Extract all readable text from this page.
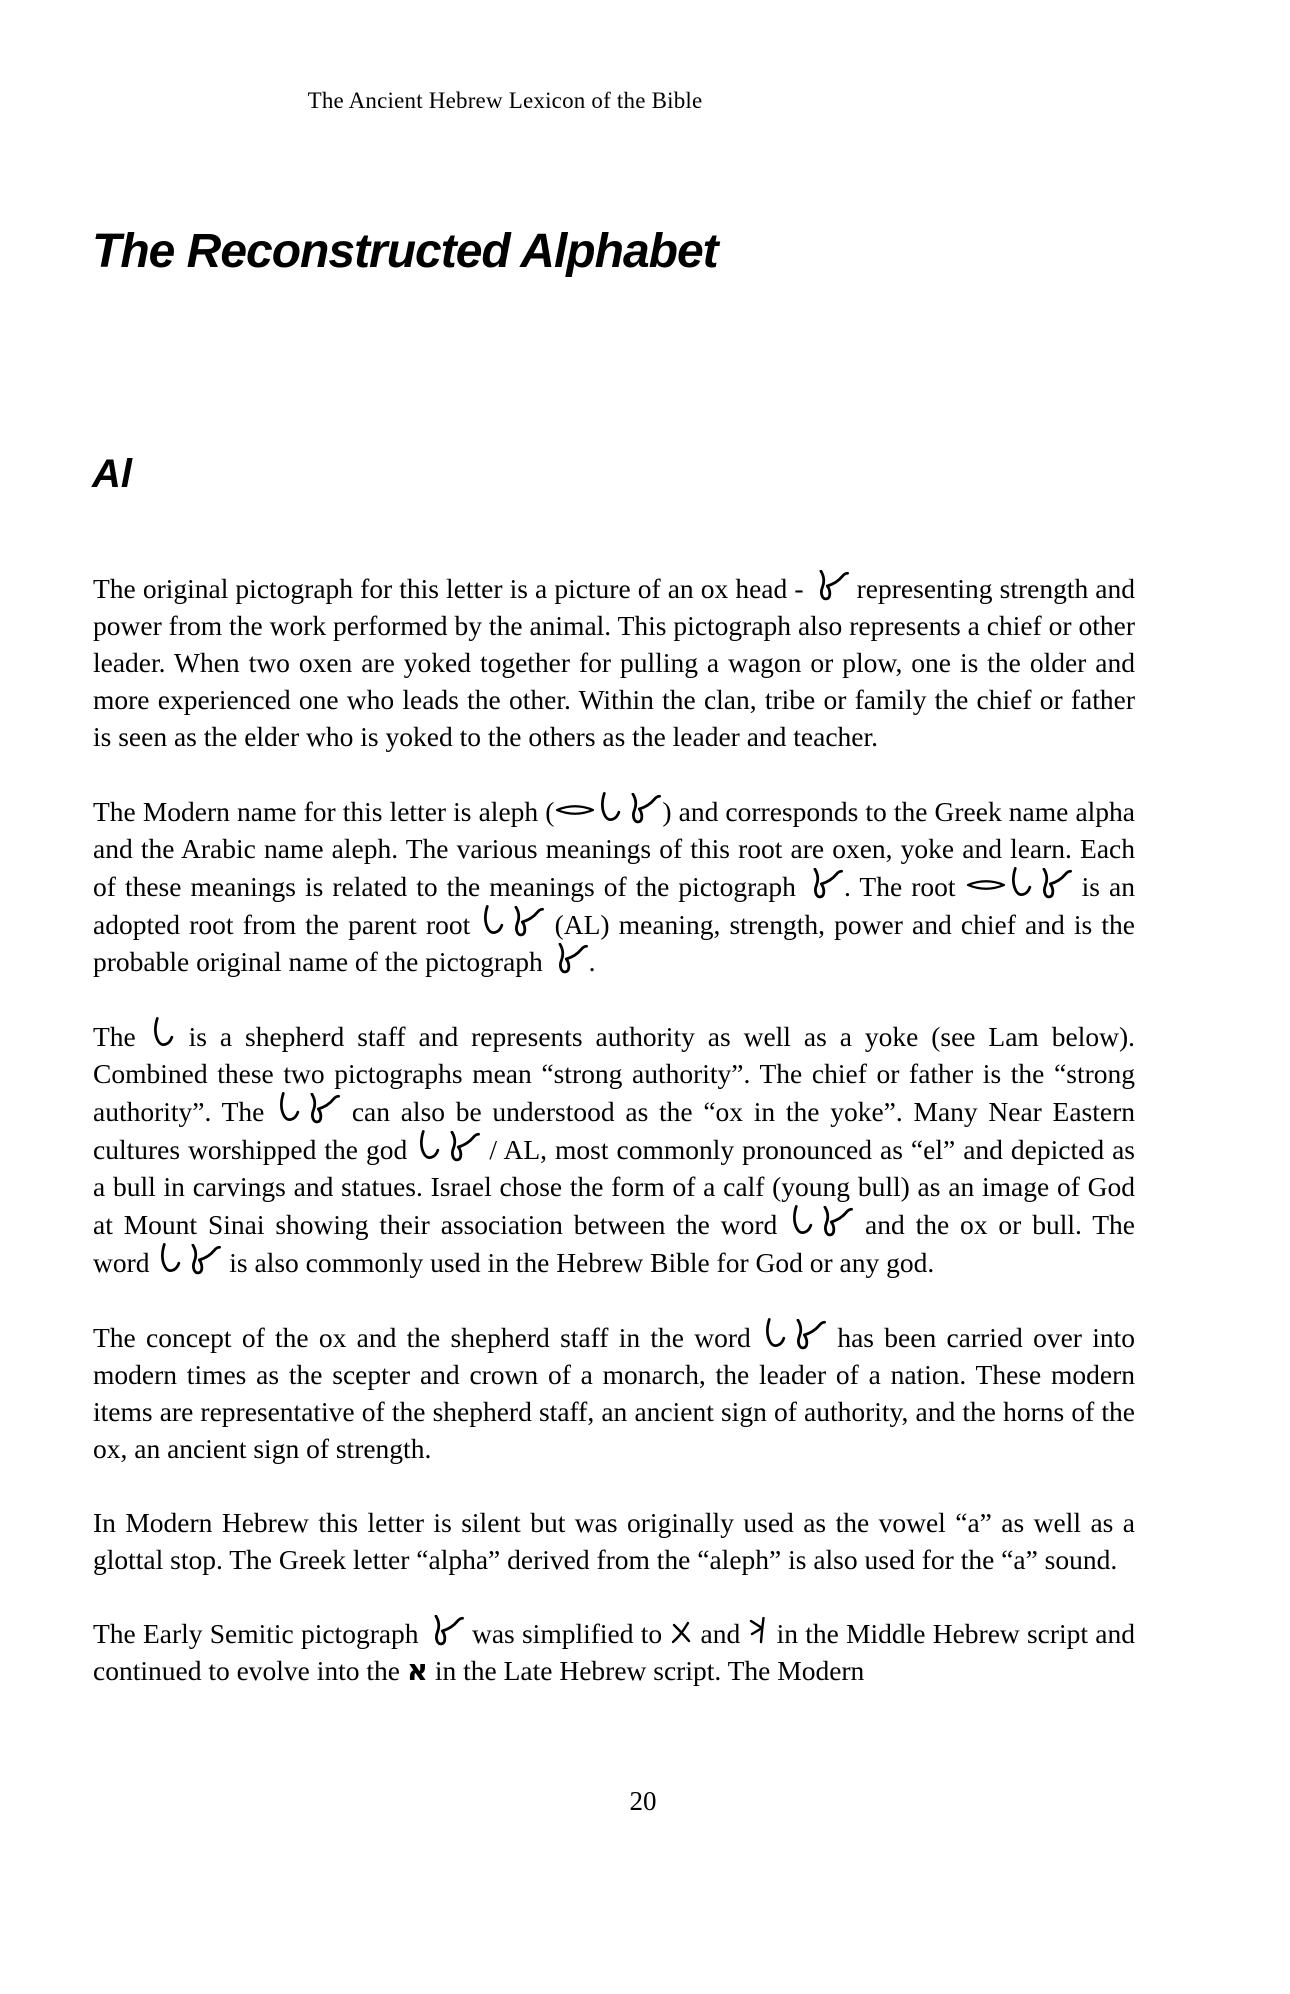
The Ancient Hebrew Lexicon of the Bible
The Reconstructed Alphabet
Al

The original pictograph for this letter is a picture of an ox head -  representing strength and power from the work performed by the animal. This pictograph also represents a chief or other leader. When two oxen are yoked together for pulling a wagon or plow, one is the older and more experienced one who leads the other. Within the clan, tribe or family the chief or father is seen as the elder who is yoked to the others as the leader and teacher.

The Modern name for this letter is aleph (	) and corresponds to the Greek name alpha and the Arabic name aleph. The various meanings of this root are oxen, yoke and learn. Each of these meanings is related to the meanings of the pictograph . The root	is an adopted root from the parent root  (AL) meaning, strength, power and chief and is the probable original name of the pictograph .

The  is a shepherd staff and represents authority as well as a yoke (see Lam below). Combined these two pictographs mean “strong authority”. The chief or father is the “strong authority”. The  can also be understood as the “ox in the yoke”. Many Near Eastern cultures worshipped the god  / AL, most commonly pronounced as “el” and depicted as a bull in carvings and statues. Israel chose the form of a calf (young bull) as an image of God at Mount Sinai showing their association between the word  and the ox or bull. The word  is also commonly used in the Hebrew Bible for God or any god.

The concept of the ox and the shepherd staff in the word  has been carried over into modern times as the scepter and crown of a monarch, the leader of a nation. These modern items are representative of the shepherd staff, an ancient sign of authority, and the horns of the ox, an ancient sign of strength.

In Modern Hebrew this letter is silent but was originally used as the vowel “a” as well as a glottal stop. The Greek letter “alpha” derived from the “aleph” is also used for the “a” sound.

The Early Semitic pictograph  was simplified to  and  in the Middle Hebrew script and continued to evolve into the א in the Late Hebrew script. The Modern

20
